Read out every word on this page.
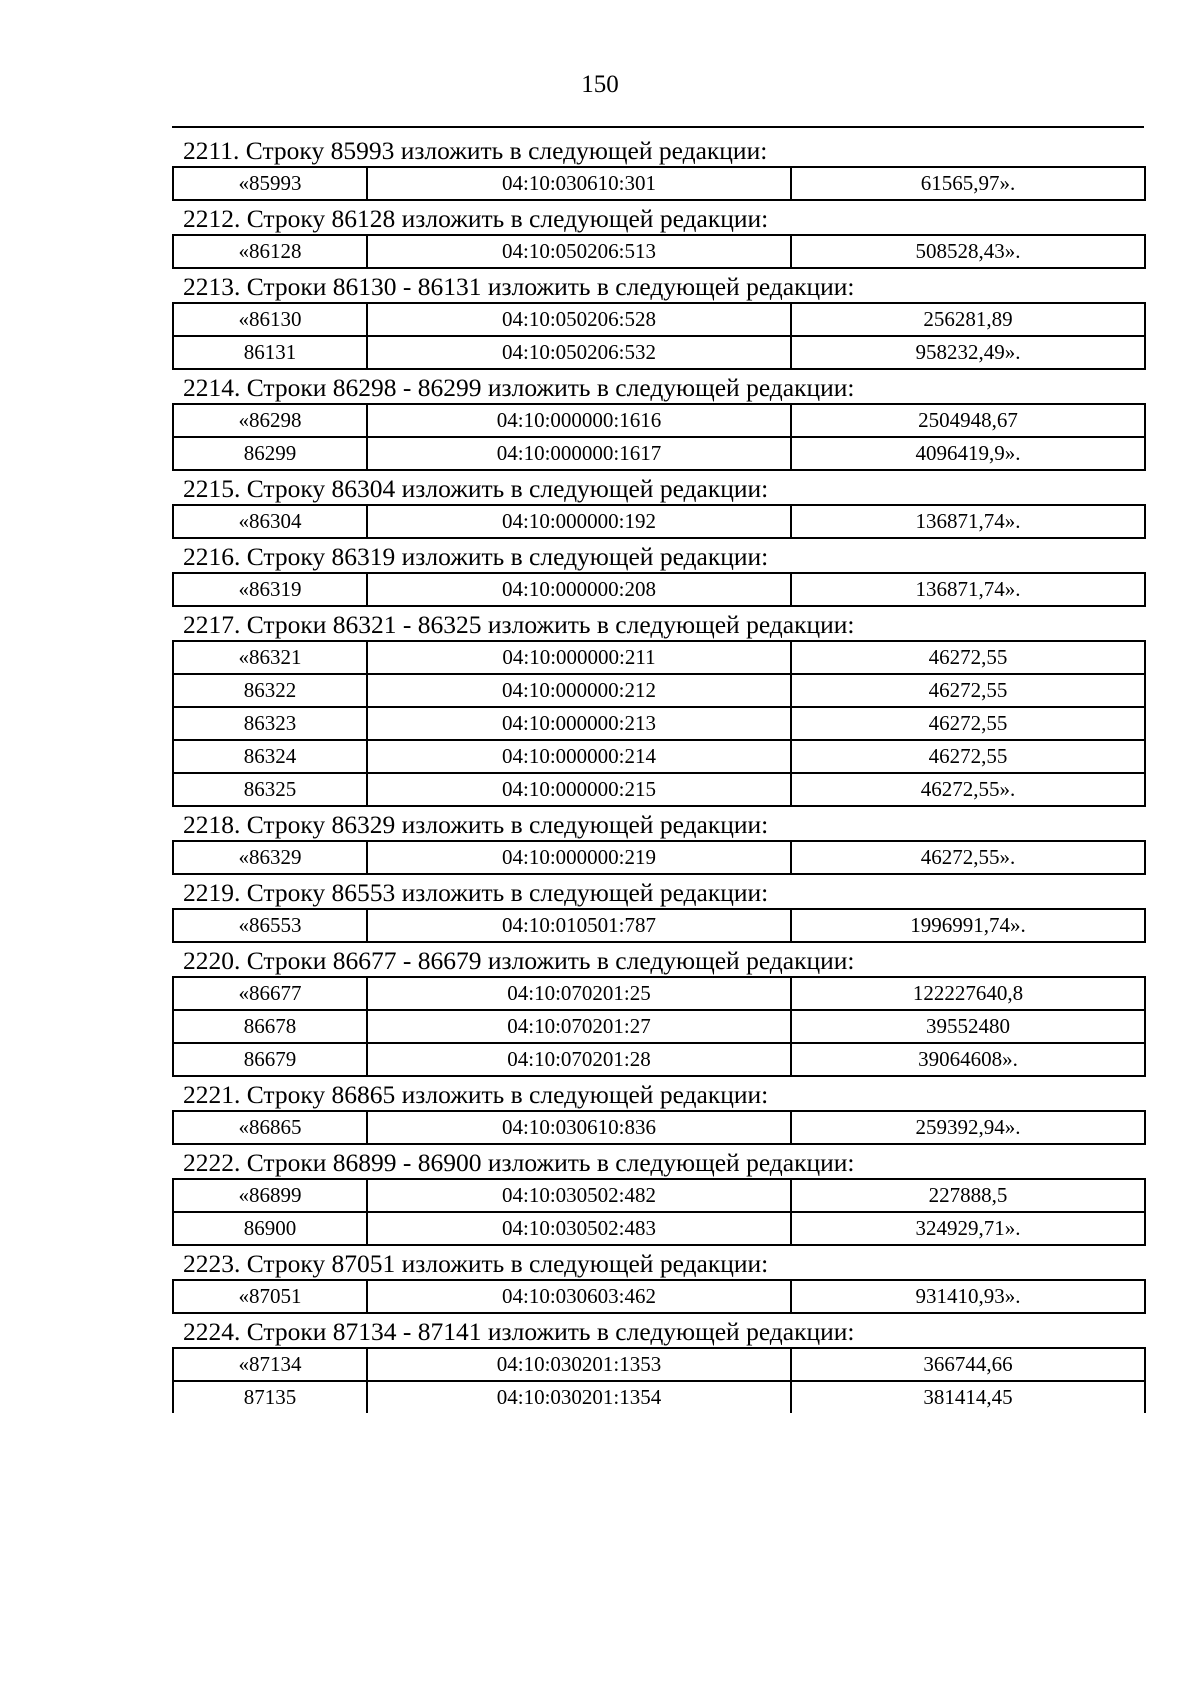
150
2211. Строку 85993 изложить в следующей редакции:
«85993	04:10:030610:301	61565,97».
2212. Строку 86128 изложить в следующей редакции:
«86128	04:10:050206:513	508528,43».
2213. Строки 86130 - 86131 изложить в следующей редакции:
«86130	04:10:050206:528	256281,89
86131	04:10:050206:532	958232,49».
2214. Строки 86298 - 86299 изложить в следующей редакции:
«86298	04:10:000000:1616	2504948,67
86299	04:10:000000:1617	4096419,9».
2215. Строку 86304 изложить в следующей редакции:
«86304	04:10:000000:192	136871,74».
2216. Строку 86319 изложить в следующей редакции:
«86319	04:10:000000:208	136871,74».
2217. Строки 86321 - 86325 изложить в следующей редакции:
«86321	04:10:000000:211	46272,55
86322	04:10:000000:212	46272,55
86323	04:10:000000:213	46272,55
86324	04:10:000000:214	46272,55
86325	04:10:000000:215	46272,55».
2218. Строку 86329 изложить в следующей редакции:
«86329	04:10:000000:219	46272,55».
2219. Строку 86553 изложить в следующей редакции:
«86553	04:10:010501:787	1996991,74».
2220. Строки 86677 - 86679 изложить в следующей редакции:
«86677	04:10:070201:25	122227640,8
86678	04:10:070201:27	39552480
86679	04:10:070201:28	39064608».
2221. Строку 86865 изложить в следующей редакции:
«86865	04:10:030610:836	259392,94».
2222. Строки 86899 - 86900 изложить в следующей редакции:
«86899	04:10:030502:482	227888,5
86900	04:10:030502:483	324929,71».
2223. Строку 87051 изложить в следующей редакции:
«87051	04:10:030603:462	931410,93».
2224. Строки 87134 - 87141 изложить в следующей редакции:
«87134	04:10:030201:1353	366744,66
87135	04:10:030201:1354	381414,45
